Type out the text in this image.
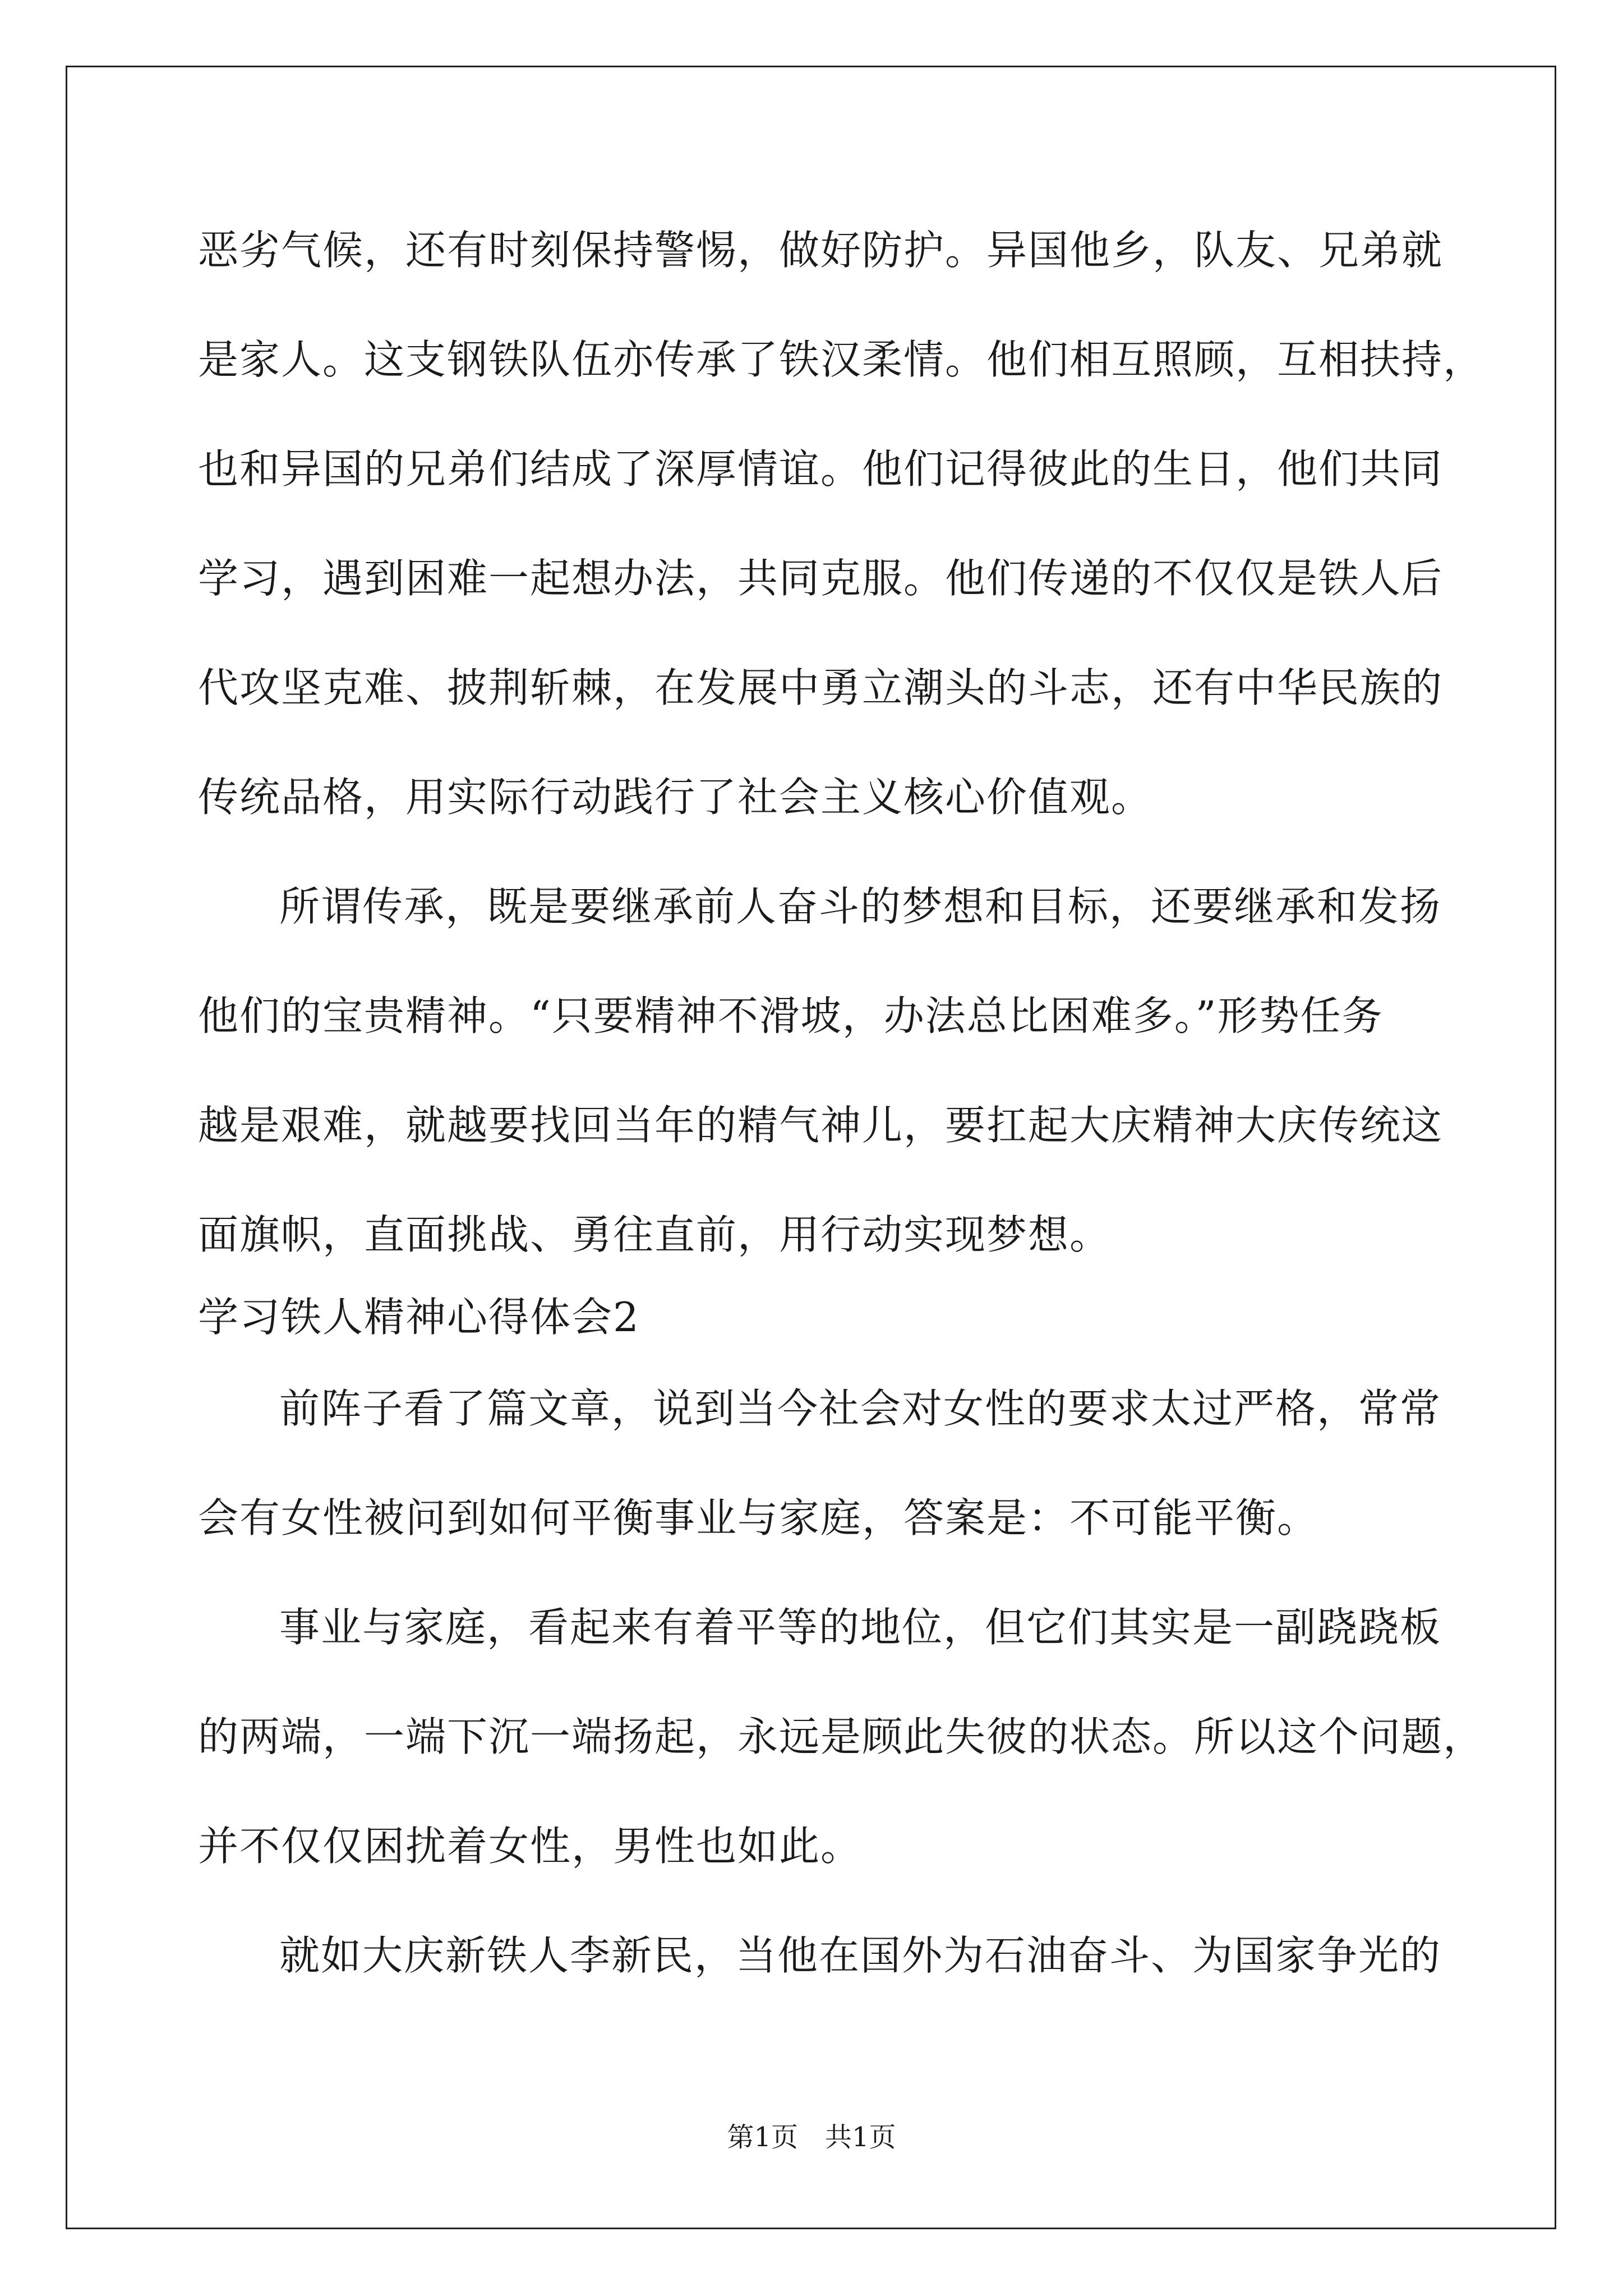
恶劣气候，还有时刻保持警惕，做好防护。异国他乡，队友、兄弟就
是家人。这支钢铁队伍亦传承了铁汉柔情。他们相互照顾，互相扶持，
也和异国的兄弟们结成了深厚情谊。他们记得彼此的生日，他们共同
学习，遇到困难一起想办法，共同克服。他们传递的不仅仅是铁人后
代攻坚克难、披荆斩棘，在发展中勇立潮头的斗志，还有中华民族的
传统品格，用实际行动践行了社会主义核心价值观。
所谓传承，既是要继承前人奋斗的梦想和目标，还要继承和发扬
他们的宝贵精神。“只要精神不滑坡，办法总比困难多。”形势任务
越是艰难，就越要找回当年的精气神儿，要扛起大庆精神大庆传统这
面旗帜，直面挑战、勇往直前，用行动实现梦想。
学习铁人精神心得体会2
前阵子看了篇文章，说到当今社会对女性的要求太过严格，常常
会有女性被问到如何平衡事业与家庭，答案是：不可能平衡。
事业与家庭，看起来有着平等的地位，但它们其实是一副跷跷板
的两端，一端下沉一端扬起，永远是顾此失彼的状态。所以这个问题，
并不仅仅困扰着女性，男性也如此。
就如大庆新铁人李新民，当他在国外为石油奋斗、为国家争光的
第1页　共1页
